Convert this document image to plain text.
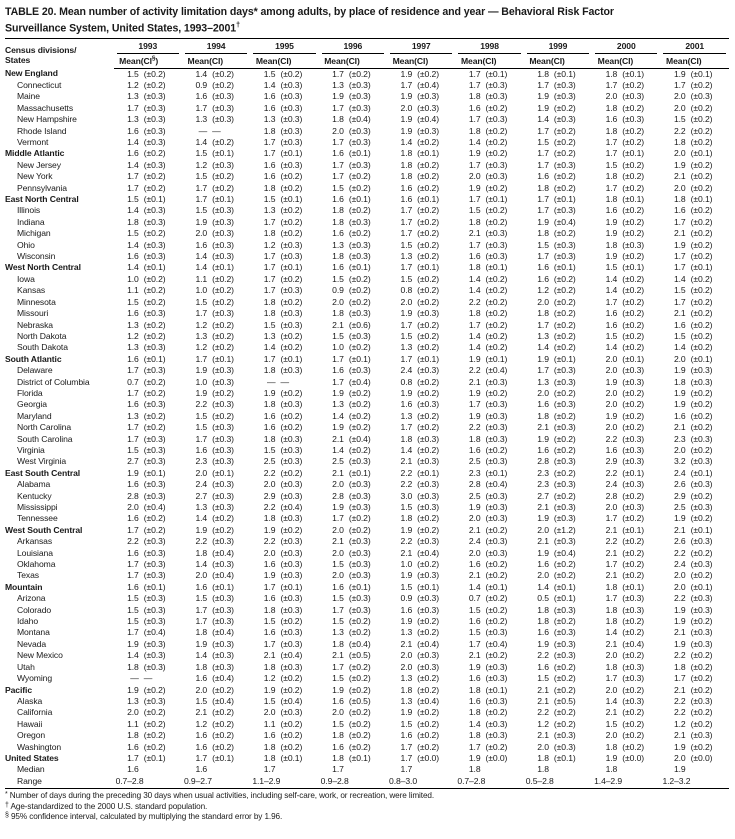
TABLE 20. Mean number of activity limitation days* among adults, by place of residence and year — Behavioral Risk Factor
Surveillance System, United States, 1993–2001†
Census divisions/
States	1993		1994		1995		1996		1997		1998		1999		2000		2001	

	Mean	(CI§)	Mean	(CI)	Mean	(CI)	Mean	(CI)	Mean	(CI)	Mean	(CI)	Mean	(CI)	Mean	(CI)	Mean	(CI)
New England	1.5	(±0.2)	1.4	(±0.2)	1.5	(±0.2)	1.7	(±0.2)	1.9	(±0.2)	1.7	(±0.1)	1.8	(±0.1)	1.8	(±0.1)	1.9	(±0.1)
Connecticut	1.2	(±0.2)	0.9	(±0.2)	1.4	(±0.3)	1.3	(±0.3)	1.7	(±0.4)	1.7	(±0.3)	1.7	(±0.3)	1.7	(±0.2)	1.7	(±0.2)
Maine	1.3	(±0.3)	1.6	(±0.3)	1.6	(±0.3)	1.9	(±0.3)	1.9	(±0.3)	1.8	(±0.3)	1.9	(±0.3)	2.0	(±0.3)	2.0	(±0.3)
Massachusetts	1.7	(±0.3)	1.7	(±0.3)	1.6	(±0.3)	1.7	(±0.3)	2.0	(±0.3)	1.6	(±0.2)	1.9	(±0.2)	1.8	(±0.2)	2.0	(±0.2)
New Hampshire	1.3	(±0.3)	1.3	(±0.3)	1.3	(±0.3)	1.8	(±0.4)	1.9	(±0.4)	1.7	(±0.3)	1.4	(±0.3)	1.6	(±0.3)	1.5	(±0.2)
Rhode Island	1.6	(±0.3)	—	—	1.8	(±0.3)	2.0	(±0.3)	1.9	(±0.3)	1.8	(±0.2)	1.7	(±0.2)	1.8	(±0.2)	2.2	(±0.2)
Vermont	1.4	(±0.3)	1.4	(±0.2)	1.7	(±0.3)	1.7	(±0.3)	1.4	(±0.2)	1.4	(±0.2)	1.5	(±0.2)	1.7	(±0.2)	1.8	(±0.2)
Middle Atlantic	1.6	(±0.2)	1.5	(±0.1)	1.7	(±0.1)	1.6	(±0.1)	1.8	(±0.1)	1.9	(±0.2)	1.7	(±0.2)	1.7	(±0.1)	2.0	(±0.1)
New Jersey	1.4	(±0.3)	1.2	(±0.3)	1.6	(±0.3)	1.7	(±0.3)	1.8	(±0.2)	1.7	(±0.3)	1.7	(±0.3)	1.5	(±0.2)	1.9	(±0.2)
New York	1.7	(±0.2)	1.5	(±0.2)	1.6	(±0.2)	1.7	(±0.2)	1.8	(±0.2)	2.0	(±0.3)	1.6	(±0.2)	1.8	(±0.2)	2.1	(±0.2)
Pennsylvania	1.7	(±0.2)	1.7	(±0.2)	1.8	(±0.2)	1.5	(±0.2)	1.6	(±0.2)	1.9	(±0.2)	1.8	(±0.2)	1.7	(±0.2)	2.0	(±0.2)
East North Central	1.5	(±0.1)	1.7	(±0.1)	1.5	(±0.1)	1.6	(±0.1)	1.6	(±0.1)	1.7	(±0.1)	1.7	(±0.1)	1.8	(±0.1)	1.8	(±0.1)
Illinois	1.4	(±0.3)	1.5	(±0.3)	1.3	(±0.2)	1.8	(±0.2)	1.7	(±0.2)	1.5	(±0.2)	1.7	(±0.3)	1.6	(±0.2)	1.6	(±0.2)
Indiana	1.8	(±0.3)	1.9	(±0.3)	1.7	(±0.2)	1.8	(±0.3)	1.7	(±0.2)	1.8	(±0.2)	1.9	(±0.4)	1.9	(±0.2)	1.7	(±0.2)
Michigan	1.5	(±0.2)	2.0	(±0.3)	1.8	(±0.2)	1.6	(±0.2)	1.7	(±0.2)	2.1	(±0.3)	1.8	(±0.2)	1.9	(±0.2)	2.1	(±0.2)
Ohio	1.4	(±0.3)	1.6	(±0.3)	1.2	(±0.3)	1.3	(±0.3)	1.5	(±0.2)	1.7	(±0.3)	1.5	(±0.3)	1.8	(±0.3)	1.9	(±0.2)
Wisconsin	1.6	(±0.3)	1.4	(±0.3)	1.7	(±0.3)	1.8	(±0.3)	1.3	(±0.2)	1.6	(±0.3)	1.7	(±0.3)	1.9	(±0.2)	1.7	(±0.2)
West North Central	1.4	(±0.1)	1.4	(±0.1)	1.7	(±0.1)	1.6	(±0.1)	1.7	(±0.1)	1.8	(±0.1)	1.6	(±0.1)	1.5	(±0.1)	1.7	(±0.1)
Iowa	1.0	(±0.2)	1.1	(±0.2)	1.7	(±0.2)	1.5	(±0.2)	1.5	(±0.2)	1.4	(±0.2)	1.6	(±0.2)	1.4	(±0.2)	1.4	(±0.2)
Kansas	1.1	(±0.2)	1.0	(±0.2)	1.7	(±0.3)	0.9	(±0.2)	0.8	(±0.2)	1.4	(±0.2)	1.2	(±0.2)	1.4	(±0.2)	1.5	(±0.2)
Minnesota	1.5	(±0.2)	1.5	(±0.2)	1.8	(±0.2)	2.0	(±0.2)	2.0	(±0.2)	2.2	(±0.2)	2.0	(±0.2)	1.7	(±0.2)	1.7	(±0.2)
Missouri	1.6	(±0.3)	1.7	(±0.3)	1.8	(±0.3)	1.8	(±0.3)	1.9	(±0.3)	1.8	(±0.2)	1.8	(±0.2)	1.6	(±0.2)	2.1	(±0.2)
Nebraska	1.3	(±0.2)	1.2	(±0.2)	1.5	(±0.3)	2.1	(±0.6)	1.7	(±0.2)	1.7	(±0.2)	1.7	(±0.2)	1.6	(±0.2)	1.6	(±0.2)
North Dakota	1.2	(±0.2)	1.3	(±0.2)	1.3	(±0.2)	1.5	(±0.3)	1.5	(±0.2)	1.4	(±0.2)	1.3	(±0.2)	1.5	(±0.2)	1.5	(±0.2)
South Dakota	1.3	(±0.3)	1.2	(±0.2)	1.4	(±0.2)	1.0	(±0.2)	1.3	(±0.2)	1.4	(±0.2)	1.4	(±0.2)	1.4	(±0.2)	1.4	(±0.2)
South Atlantic	1.6	(±0.1)	1.7	(±0.1)	1.7	(±0.1)	1.7	(±0.1)	1.7	(±0.1)	1.9	(±0.1)	1.9	(±0.1)	2.0	(±0.1)	2.0	(±0.1)
Delaware	1.7	(±0.3)	1.9	(±0.3)	1.8	(±0.3)	1.6	(±0.3)	2.4	(±0.3)	2.2	(±0.4)	1.7	(±0.3)	2.0	(±0.3)	1.9	(±0.3)
District of Columbia	0.7	(±0.2)	1.0	(±0.3)	—	—	1.7	(±0.4)	0.8	(±0.2)	2.1	(±0.3)	1.3	(±0.3)	1.9	(±0.3)	1.8	(±0.3)
Florida	1.7	(±0.2)	1.9	(±0.2)	1.9	(±0.2)	1.9	(±0.2)	1.9	(±0.2)	1.9	(±0.2)	2.0	(±0.2)	2.0	(±0.2)	1.9	(±0.2)
Georgia	1.6	(±0.3)	2.2	(±0.3)	1.8	(±0.3)	1.3	(±0.2)	1.6	(±0.3)	1.7	(±0.3)	1.6	(±0.3)	2.0	(±0.2)	1.9	(±0.2)
Maryland	1.3	(±0.2)	1.5	(±0.2)	1.6	(±0.2)	1.4	(±0.2)	1.3	(±0.2)	1.9	(±0.3)	1.8	(±0.2)	1.9	(±0.2)	1.6	(±0.2)
North Carolina	1.7	(±0.2)	1.5	(±0.3)	1.6	(±0.2)	1.9	(±0.2)	1.7	(±0.2)	2.2	(±0.3)	2.1	(±0.3)	2.0	(±0.2)	2.1	(±0.2)
South Carolina	1.7	(±0.3)	1.7	(±0.3)	1.8	(±0.3)	2.1	(±0.4)	1.8	(±0.3)	1.8	(±0.3)	1.9	(±0.2)	2.2	(±0.3)	2.3	(±0.3)
Virginia	1.5	(±0.3)	1.6	(±0.3)	1.5	(±0.3)	1.4	(±0.2)	1.4	(±0.2)	1.6	(±0.2)	1.6	(±0.2)	1.6	(±0.3)	2.0	(±0.2)
West Virginia	2.7	(±0.3)	2.3	(±0.3)	2.5	(±0.3)	2.5	(±0.3)	2.1	(±0.3)	2.5	(±0.3)	2.8	(±0.3)	2.9	(±0.3)	3.2	(±0.3)
East South Central	1.9	(±0.1)	2.0	(±0.1)	2.2	(±0.2)	2.1	(±0.1)	2.2	(±0.1)	2.3	(±0.1)	2.3	(±0.2)	2.2	(±0.1)	2.4	(±0.1)
Alabama	1.6	(±0.3)	2.4	(±0.3)	2.0	(±0.3)	2.0	(±0.3)	2.2	(±0.3)	2.8	(±0.4)	2.3	(±0.3)	2.4	(±0.3)	2.6	(±0.3)
Kentucky	2.8	(±0.3)	2.7	(±0.3)	2.9	(±0.3)	2.8	(±0.3)	3.0	(±0.3)	2.5	(±0.3)	2.7	(±0.2)	2.8	(±0.2)	2.9	(±0.2)
Mississippi	2.0	(±0.4)	1.3	(±0.3)	2.2	(±0.4)	1.9	(±0.3)	1.5	(±0.3)	1.9	(±0.3)	2.1	(±0.3)	2.0	(±0.3)	2.5	(±0.3)
Tennessee	1.6	(±0.2)	1.4	(±0.2)	1.8	(±0.3)	1.7	(±0.2)	1.8	(±0.2)	2.0	(±0.3)	1.9	(±0.3)	1.7	(±0.2)	1.9	(±0.2)
West South Central	1.7	(±0.2)	1.9	(±0.2)	1.9	(±0.2)	2.0	(±0.2)	1.9	(±0.2)	2.1	(±0.2)	2.0	(±1.2)	2.1	(±0.1)	2.1	(±0.1)
Arkansas	2.2	(±0.3)	2.2	(±0.3)	2.2	(±0.3)	2.1	(±0.3)	2.2	(±0.3)	2.4	(±0.3)	2.1	(±0.3)	2.2	(±0.2)	2.6	(±0.3)
Louisiana	1.6	(±0.3)	1.8	(±0.4)	2.0	(±0.3)	2.0	(±0.3)	2.1	(±0.4)	2.0	(±0.3)	1.9	(±0.4)	2.1	(±0.2)	2.2	(±0.2)
Oklahoma	1.7	(±0.3)	1.4	(±0.3)	1.6	(±0.3)	1.5	(±0.3)	1.0	(±0.2)	1.6	(±0.2)	1.6	(±0.2)	1.7	(±0.2)	2.4	(±0.3)
Texas	1.7	(±0.3)	2.0	(±0.4)	1.9	(±0.3)	2.0	(±0.3)	1.9	(±0.3)	2.1	(±0.2)	2.0	(±0.2)	2.1	(±0.2)	2.0	(±0.2)
Mountain	1.6	(±0.1)	1.6	(±0.1)	1.7	(±0.1)	1.6	(±0.1)	1.5	(±0.1)	1.4	(±0.1)	1.4	(±0.1)	1.8	(±0.1)	2.0	(±0.1)
Arizona	1.5	(±0.3)	1.5	(±0.3)	1.6	(±0.3)	1.5	(±0.3)	0.9	(±0.3)	0.7	(±0.2)	0.5	(±0.1)	1.7	(±0.3)	2.2	(±0.3)
Colorado	1.5	(±0.3)	1.7	(±0.3)	1.8	(±0.3)	1.7	(±0.3)	1.6	(±0.3)	1.5	(±0.2)	1.8	(±0.3)	1.8	(±0.3)	1.9	(±0.3)
Idaho	1.5	(±0.3)	1.7	(±0.3)	1.5	(±0.2)	1.5	(±0.2)	1.9	(±0.2)	1.6	(±0.2)	1.8	(±0.2)	1.8	(±0.2)	1.9	(±0.2)
Montana	1.7	(±0.4)	1.8	(±0.4)	1.6	(±0.3)	1.3	(±0.2)	1.3	(±0.2)	1.5	(±0.3)	1.6	(±0.3)	1.4	(±0.2)	2.1	(±0.3)
Nevada	1.9	(±0.3)	1.9	(±0.3)	1.7	(±0.3)	1.8	(±0.4)	2.1	(±0.4)	1.7	(±0.4)	1.9	(±0.3)	2.1	(±0.4)	1.9	(±0.3)
New Mexico	1.4	(±0.3)	1.4	(±0.3)	2.1	(±0.4)	2.1	(±0.5)	2.0	(±0.3)	2.1	(±0.2)	2.2	(±0.3)	2.0	(±0.2)	2.2	(±0.2)
Utah	1.8	(±0.3)	1.8	(±0.3)	1.8	(±0.3)	1.7	(±0.2)	2.0	(±0.3)	1.9	(±0.3)	1.6	(±0.2)	1.8	(±0.3)	1.8	(±0.2)
Wyoming	—	—	1.6	(±0.4)	1.2	(±0.2)	1.5	(±0.2)	1.3	(±0.2)	1.6	(±0.3)	1.5	(±0.2)	1.7	(±0.3)	1.7	(±0.2)
Pacific	1.9	(±0.2)	2.0	(±0.2)	1.9	(±0.2)	1.9	(±0.2)	1.8	(±0.2)	1.8	(±0.1)	2.1	(±0.2)	2.0	(±0.2)	2.1	(±0.2)
Alaska	1.3	(±0.3)	1.5	(±0.4)	1.5	(±0.4)	1.6	(±0.5)	1.3	(±0.4)	1.6	(±0.3)	2.1	(±0.5)	1.4	(±0.3)	2.2	(±0.3)
California	2.0	(±0.2)	2.1	(±0.2)	2.0	(±0.3)	2.0	(±0.2)	1.9	(±0.2)	1.8	(±0.2)	2.2	(±0.2)	2.1	(±0.2)	2.2	(±0.2)
Hawaii	1.1	(±0.2)	1.2	(±0.2)	1.1	(±0.2)	1.5	(±0.2)	1.5	(±0.2)	1.4	(±0.3)	1.2	(±0.2)	1.5	(±0.2)	1.2	(±0.2)
Oregon	1.8	(±0.2)	1.6	(±0.2)	1.6	(±0.2)	1.8	(±0.2)	1.6	(±0.2)	1.8	(±0.3)	2.1	(±0.3)	2.0	(±0.2)	2.1	(±0.3)
Washington	1.6	(±0.2)	1.6	(±0.2)	1.8	(±0.2)	1.6	(±0.2)	1.7	(±0.2)	1.7	(±0.2)	2.0	(±0.3)	1.8	(±0.2)	1.9	(±0.2)
United States	1.7	(±0.1)	1.7	(±0.1)	1.8	(±0.1)	1.8	(±0.1)	1.7	(±0.0)	1.9	(±0.0)	1.8	(±0.1)	1.9	(±0.0)	2.0	(±0.0)
Median	1.6		1.6		1.7		1.7		1.7		1.8		1.8		1.8		1.9	
Range	0.7–2.8		0.9–2.7		1.1–2.9		0.9–2.8		0.8–3.0		0.7–2.8		0.5–2.8		1.4–2.9		1.2–3.2	
* Number of days during the preceding 30 days when usual activities, including self-care, work, or recreation, were limited.
† Age-standardized to the 2000 U.S. standard population.
§ 95% confidence interval, calculated by multiplying the standard error by 1.96.
